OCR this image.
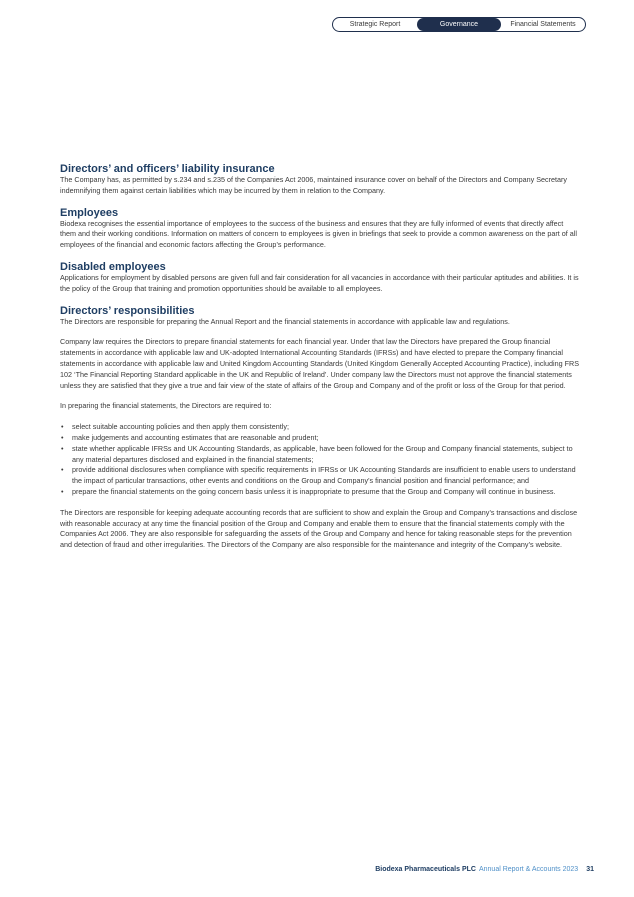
Strategic Report	Governance	Financial Statements
Directors’ and officers’ liability insurance

The Company has, as permitted by s.234 and s.235 of the Companies Act 2006, maintained insurance cover on behalf of the Directors and Company Secretary indemnifying them against certain liabilities which may be incurred by them in relation to the Company.

Employees

Biodexa recognises the essential importance of employees to the success of the business and ensures that they are fully informed of events that directly affect them and their working conditions. Information on matters of concern to employees is given in briefings that seek to provide a common awareness on the part of all employees of the financial and economic factors affecting the Group’s performance.

Disabled employees

Applications for employment by disabled persons are given full and fair consideration for all vacancies in accordance with their particular aptitudes and abilities. It is the policy of the Group that training and promotion opportunities should be available to all employees.

Directors’ responsibilities

The Directors are responsible for preparing the Annual Report and the financial statements in accordance with applicable law and regulations.

Company law requires the Directors to prepare financial statements for each financial year. Under that law the Directors have prepared the Group financial statements in accordance with applicable law and UK-adopted International Accounting Standards (IFRSs) and have elected to prepare the Company financial statements in accordance with applicable law and United Kingdom Accounting Standards (United Kingdom Generally Accepted Accounting Practice), including FRS 102 ‘The Financial Reporting Standard applicable in the UK and Republic of Ireland’. Under company law the Directors must not approve the financial statements unless they are satisfied that they give a true and fair view of the state of affairs of the Group and Company and of the profit or loss of the Group for that period.

In preparing the financial statements, the Directors are required to:

• select suitable accounting policies and then apply them consistently;
• make judgements and accounting estimates that are reasonable and prudent;
• state whether applicable IFRSs and UK Accounting Standards, as applicable, have been followed for the Group and Company financial statements, subject to any material departures disclosed and explained in the financial statements;
• provide additional disclosures when compliance with specific requirements in IFRSs or UK Accounting Standards are insufficient to enable users to understand the impact of particular transactions, other events and conditions on the Group and Company’s financial position and financial performance; and
• prepare the financial statements on the going concern basis unless it is inappropriate to presume that the Group and Company will continue in business.

The Directors are responsible for keeping adequate accounting records that are sufficient to show and explain the Group and Company’s transactions and disclose with reasonable accuracy at any time the financial position of the Group and Company and enable them to ensure that the financial statements comply with the Companies Act 2006. They are also responsible for safeguarding the assets of the Group and Company and hence for taking reasonable steps for the prevention and detection of fraud and other irregularities. The Directors of the Company are also responsible for the maintenance and integrity of the Company’s website.

Biodexa Pharmaceuticals PLC Annual Report & Accounts 2023 31
